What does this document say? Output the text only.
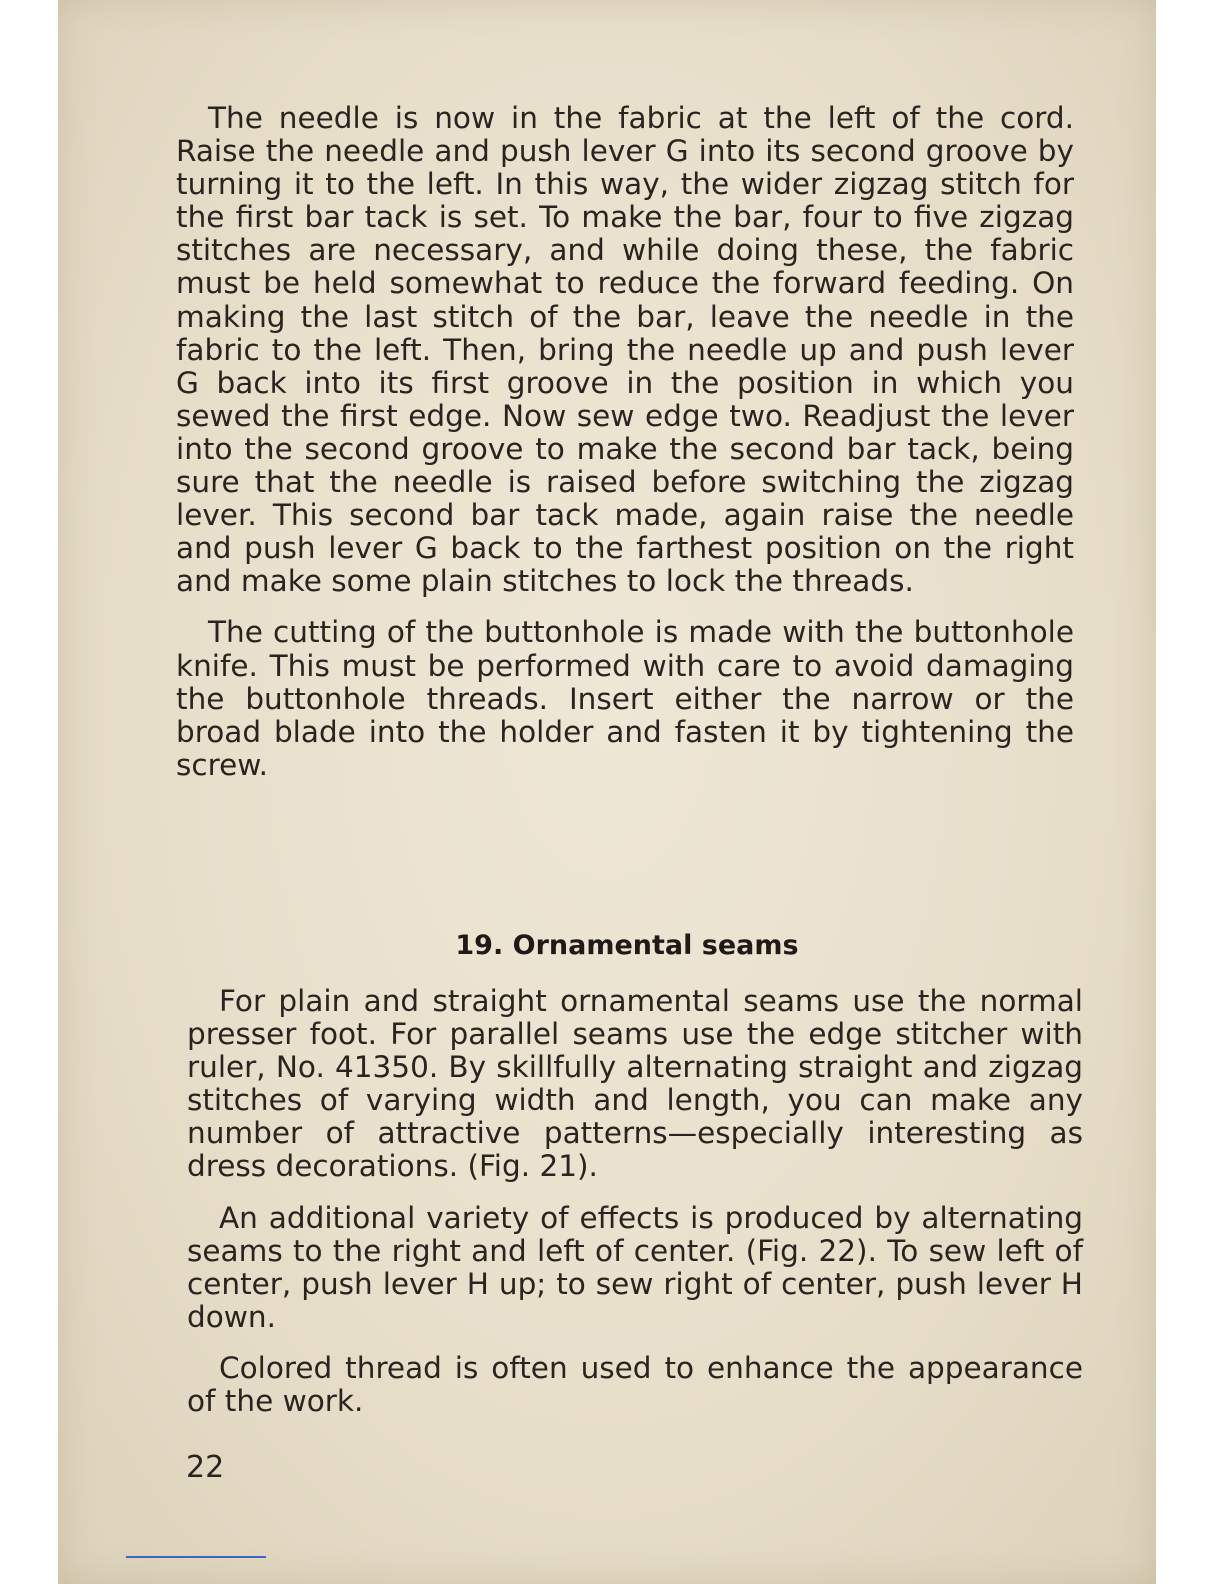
The needle is now in the fabric at the left of the cord. Raise the needle and push lever G into its second groove by turning it to the left. In this way, the wider zigzag stitch for the first bar tack is set. To make the bar, four to five zigzag stitches are necessary, and while doing these, the fabric must be held somewhat to reduce the forward feeding. On making the last stitch of the bar, leave the needle in the fabric to the left. Then, bring the needle up and push lever G back into its first groove in the position in which you sewed the first edge. Now sew edge two. Readjust the lever into the second groove to make the second bar tack, being sure that the needle is raised before switching the zigzag lever. This second bar tack made, again raise the needle and push lever G back to the farthest position on the right and make some plain stitches to lock the threads.

The cutting of the buttonhole is made with the buttonhole knife. This must be performed with care to avoid damaging the buttonhole threads. Insert either the narrow or the broad blade into the holder and fasten it by tightening the screw.

19. Ornamental seams

For plain and straight ornamental seams use the normal presser foot. For parallel seams use the edge stitcher with ruler, No. 41350. By skillfully alternating straight and zigzag stitches of varying width and length, you can make any number of attractive patterns—especially interesting as dress decorations. (Fig. 21).

An additional variety of effects is produced by alternating seams to the right and left of center. (Fig. 22). To sew left of center, push lever H up; to sew right of center, push lever H down.

Colored thread is often used to enhance the appearance of the work.

22
